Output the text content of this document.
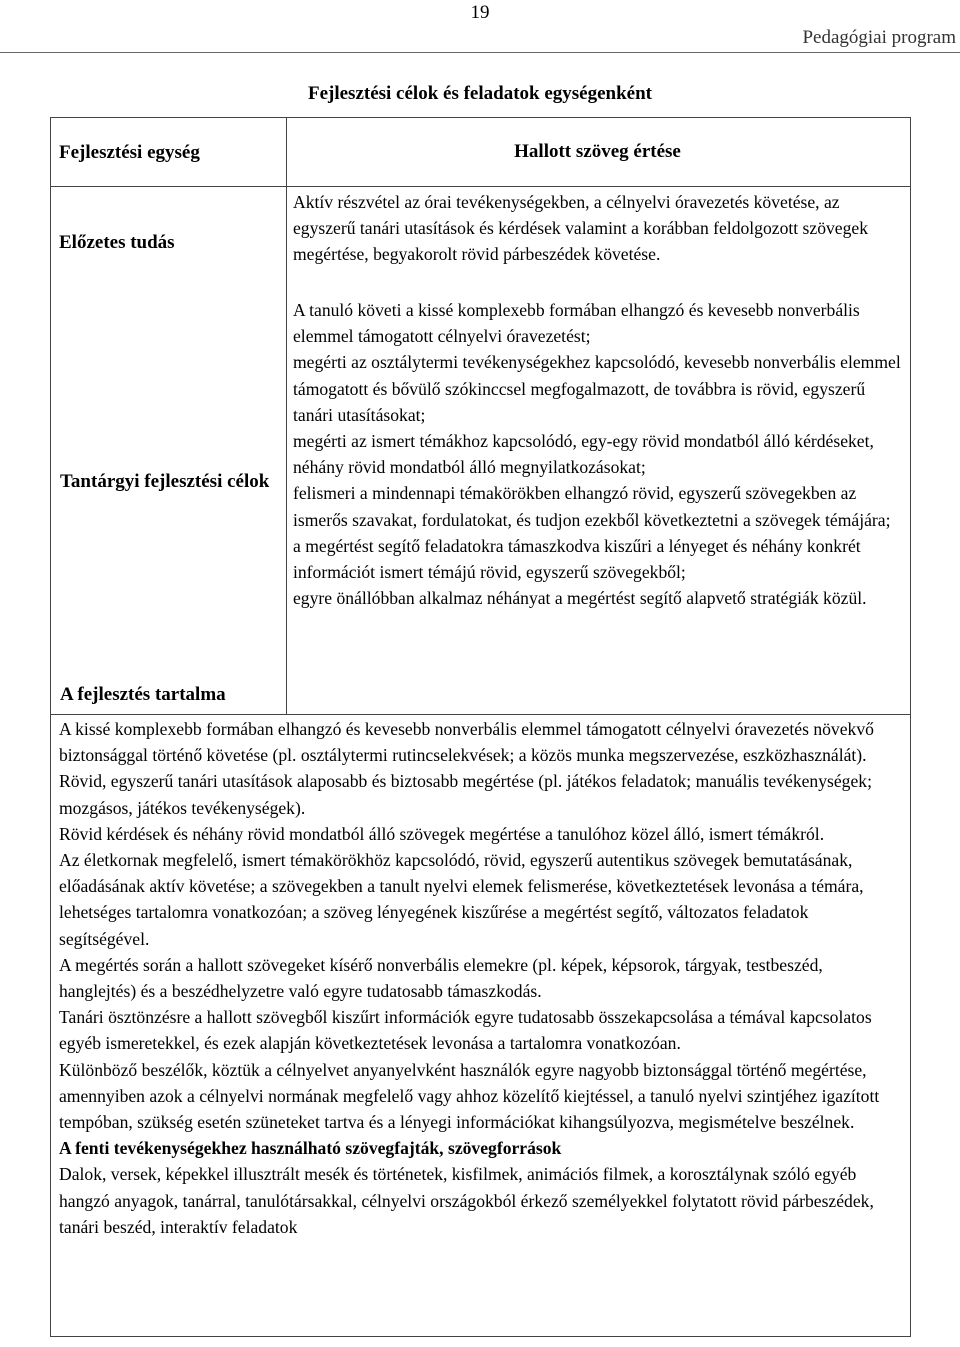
19
Pedagógiai program
Fejlesztési célok és feladatok egységenként
Fejlesztési egység	Hallott szöveg értése
Előzetes tudás
Aktív részvétel az órai tevékenységekben, a célnyelvi óravezetés követése, az egyszerű tanári utasítások és kérdések valamint a korábban feldolgozott szövegek megértése, begyakorolt rövid párbeszédek követése.
Tantárgyi fejlesztési célok
A fejlesztés tartalma

A tanuló követi a kissé komplexebb formában elhangzó és kevesebb nonverbális elemmel támogatott célnyelvi óravezetést;

megérti az osztálytermi tevékenységekhez kapcsolódó, kevesebb nonverbális elemmel támogatott és bővülő szókinccsel megfogalmazott, de továbbra is rövid, egyszerű tanári utasításokat;

megérti az ismert témákhoz kapcsolódó, egy-egy rövid mondatból álló kérdéseket, néhány rövid mondatból álló megnyilatkozásokat;

felismeri a mindennapi témakörökben elhangzó rövid, egyszerű szövegekben az ismerős szavakat, fordulatokat, és tudjon ezekből következtetni a szövegek témájára;

a megértést segítő feladatokra támaszkodva kiszűri a lényeget és néhány konkrét információt ismert témájú rövid, egyszerű szövegekből;

egyre önállóbban alkalmaz néhányat a megértést segítő alapvető stratégiák közül.

A kissé komplexebb formában elhangzó és kevesebb nonverbális elemmel támogatott célnyelvi óravezetés növekvő biztonsággal történő követése (pl. osztálytermi rutincselekvések; a közös munka megszervezése, eszközhasználát).

Rövid, egyszerű tanári utasítások alaposabb és biztosabb megértése (pl. játékos feladatok; manuális tevékenységek; mozgásos, játékos tevékenységek).

Rövid kérdések és néhány rövid mondatból álló szövegek megértése a tanulóhoz közel álló, ismert témákról.

Az életkornak megfelelő, ismert témakörökhöz kapcsolódó, rövid, egyszerű autentikus szövegek bemutatásának, előadásának aktív követése; a szövegekben a tanult nyelvi elemek felismerése, következtetések levonása a témára, lehetséges tartalomra vonatkozóan; a szöveg lényegének kiszűrése a megértést segítő, változatos feladatok segítségével.

A megértés során a hallott szövegeket kísérő nonverbális elemekre (pl. képek, képsorok, tárgyak, testbeszéd, hanglejtés) és a beszédhelyzetre való egyre tudatosabb támaszkodás.

Tanári ösztönzésre a hallott szövegből kiszűrt információk egyre tudatosabb összekapcsolása a témával kapcsolatos egyéb ismeretekkel, és ezek alapján következtetések levonása a tartalomra vonatkozóan.

Különböző beszélők, köztük a célnyelvet anyanyelvként használók egyre nagyobb biztonsággal történő megértése, amennyiben azok a célnyelvi normának megfelelő vagy ahhoz közelítő kiejtéssel, a tanuló nyelvi szintjéhez igazított tempóban, szükség esetén szüneteket tartva és a lényegi információkat kihangsúlyozva, megismételve beszélnek.

A fenti tevékenységekhez használható szövegfajták, szövegforrások

Dalok, versek, képekkel illusztrált mesék és történetek, kisfilmek, animációs filmek, a korosztálynak szóló egyéb hangzó anyagok, tanárral, tanulótársakkal, célnyelvi országokból érkező személyekkel folytatott rövid párbeszédek, tanári beszéd, interaktív feladatok
